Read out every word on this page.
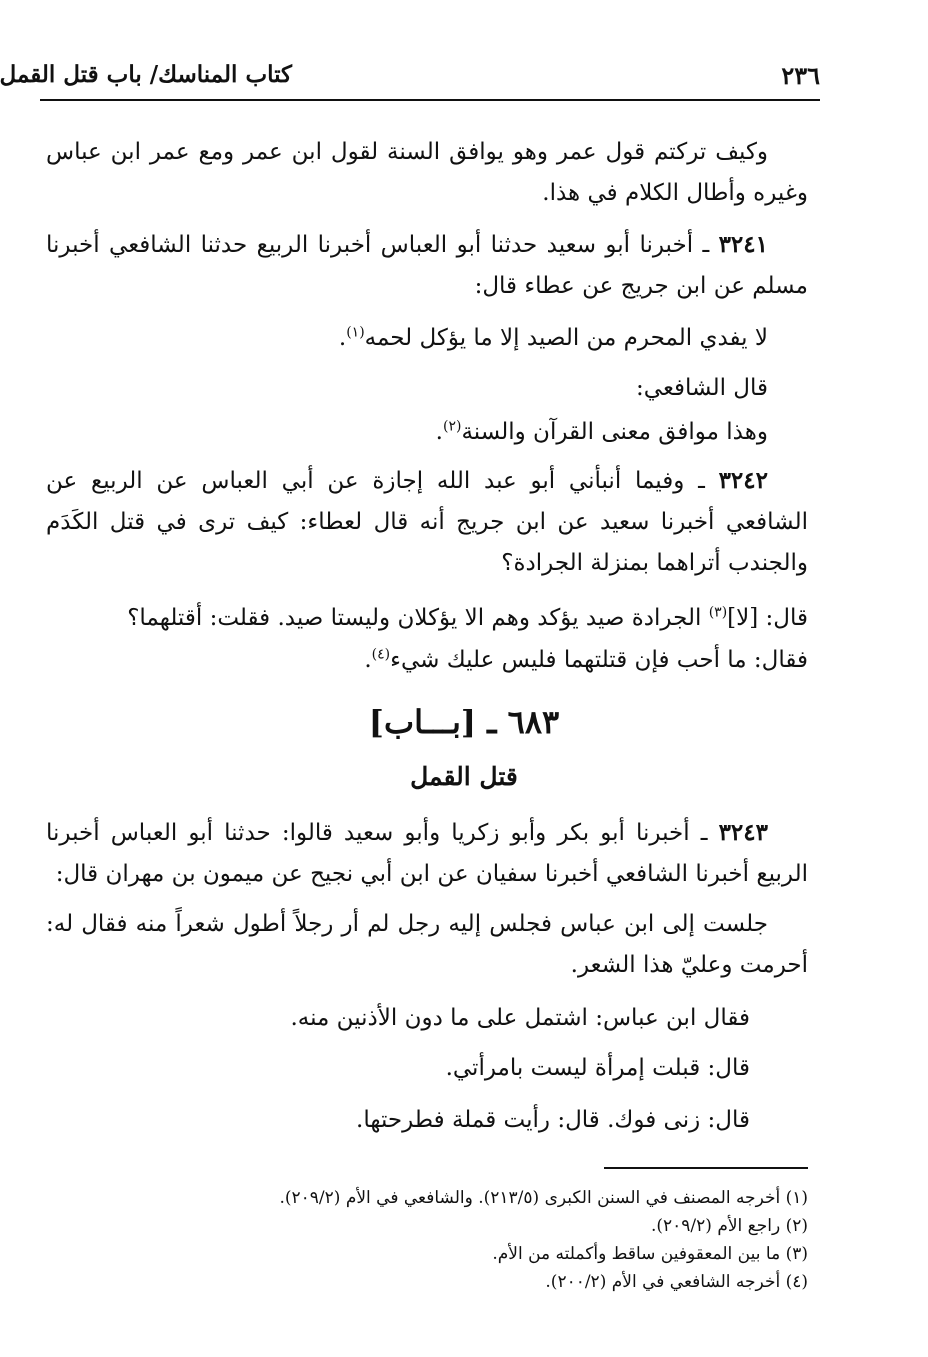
٢٣٦
كتاب المناسك/ باب قتل القمل
وكيف تركتم قول عمر وهو يوافق السنة لقول ابن عمر ومع عمر ابن عباس وغيره وأطال الكلام في هذا.
٣٢٤١ ـ أخبرنا أبو سعيد حدثنا أبو العباس أخبرنا الربيع حدثنا الشافعي أخبرنا مسلم عن ابن جريج عن عطاء قال:
لا يفدي المحرم من الصيد إلا ما يؤكل لحمه$^{(١)}$.
قال الشافعي:
وهذا موافق معنى القرآن والسنة$^{(٢)}$.
٣٢٤٢ ـ وفيما أنبأني أبو عبد الله إجازة عن أبي العباس عن الربيع عن الشافعي أخبرنا سعيد عن ابن جريج أنه قال لعطاء: كيف ترى في قتل الكَدَم والجندب أتراهما بمنزلة الجرادة؟
قال: [لا]$^{(٣)}$ الجرادة صيد يؤكد وهم الا يؤكلان وليستا صيد. فقلت: أقتلهما؟
فقال: ما أحب فإن قتلتهما فليس عليك شيء$^{(٤)}$.
٦٨٣ ـ [بـــاب]
قتل القمل
٣٢٤٣ ـ أخبرنا أبو بكر وأبو زكريا وأبو سعيد قالوا: حدثنا أبو العباس أخبرنا الربيع أخبرنا الشافعي أخبرنا سفيان عن ابن أبي نجيح عن ميمون بن مهران قال:
جلست إلى ابن عباس فجلس إليه رجل لم أر رجلاً أطول شعراً منه فقال له: أحرمت وعليّ هذا الشعر.
فقال ابن عباس: اشتمل على ما دون الأذنين منه.
قال: قبلت إمرأة ليست بامرأتي.
قال: زنى فوك. قال: رأيت قملة فطرحتها.
(١) أخرجه المصنف في السنن الكبرى (٢١٣/٥). والشافعي في الأم (٢٠٩/٢).
(٢) راجع الأم (٢٠٩/٢).
(٣) ما بين المعقوفين ساقط وأكملته من الأم.
(٤) أخرجه الشافعي في الأم (٢٠٠/٢).
